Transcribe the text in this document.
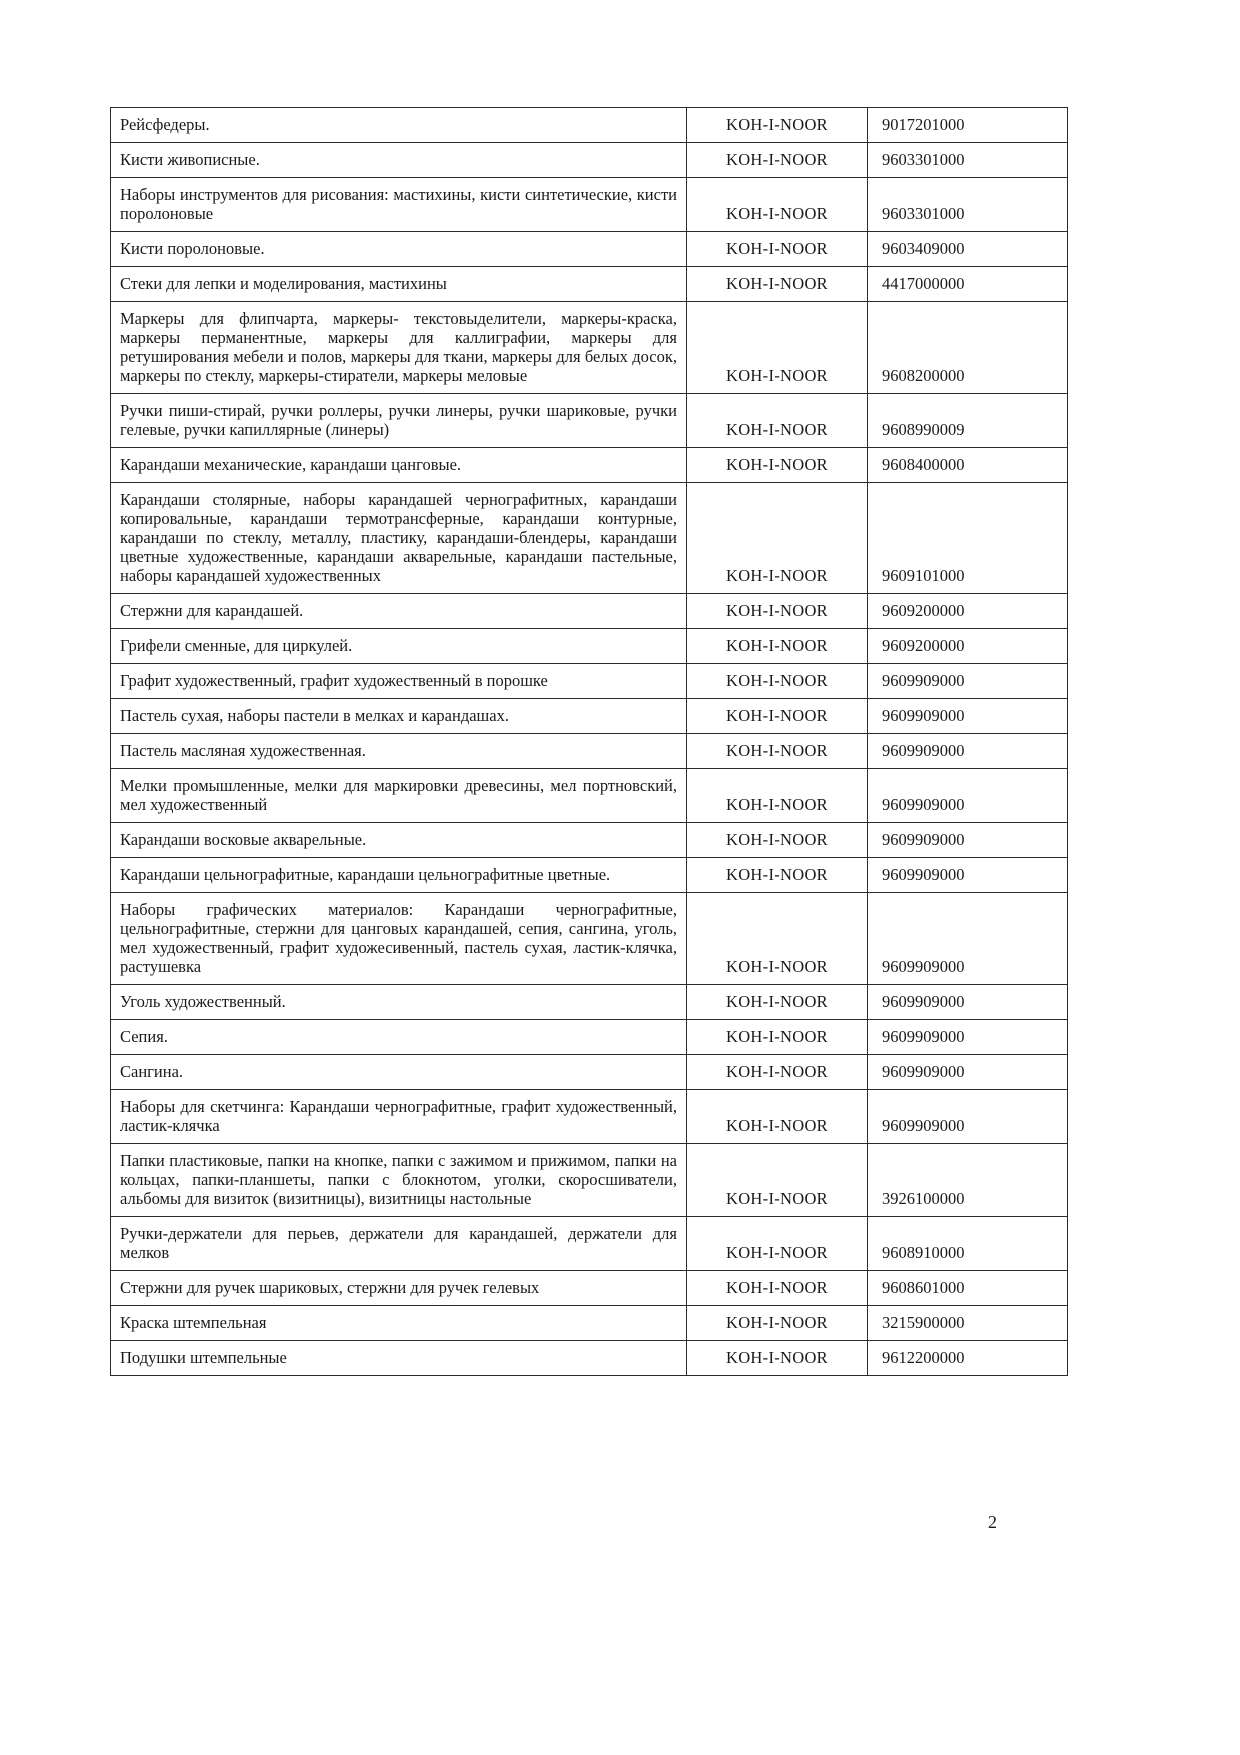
Рейсфедеры.	KOH-I-NOOR	9017201000
Кисти живописные.	KOH-I-NOOR	9603301000
Наборы инструментов для рисования: мастихины, кисти синтетические, кисти поролоновые	KOH-I-NOOR	9603301000
Кисти поролоновые.	KOH-I-NOOR	9603409000
Стеки для лепки и моделирования, мастихины	KOH-I-NOOR	4417000000
Маркеры для флипчарта, маркеры- текстовыделители, маркеры-краска, маркеры перманентные, маркеры для каллиграфии, маркеры для ретуширования мебели и полов, маркеры для ткани, маркеры для белых досок, маркеры по стеклу, маркеры-стиратели, маркеры меловые	KOH-I-NOOR	9608200000
Ручки пиши-стирай, ручки роллеры, ручки линеры, ручки шариковые, ручки гелевые, ручки капиллярные (линеры)	KOH-I-NOOR	9608990009
Карандаши механические, карандаши цанговые.	KOH-I-NOOR	9608400000
Карандаши столярные, наборы карандашей чернографитных, карандаши копировальные, карандаши термотрансферные, карандаши контурные, карандаши по стеклу, металлу, пластику, карандаши-блендеры, карандаши цветные художественные, карандаши акварельные, карандаши пастельные, наборы карандашей художественных	KOH-I-NOOR	9609101000
Стержни для карандашей.	KOH-I-NOOR	9609200000
Грифели сменные, для циркулей.	KOH-I-NOOR	9609200000
Графит художественный, графит художественный в порошке	KOH-I-NOOR	9609909000
Пастель сухая, наборы пастели в мелках и карандашах.	KOH-I-NOOR	9609909000
Пастель масляная художественная.	KOH-I-NOOR	9609909000
Мелки промышленные, мелки для маркировки древесины, мел портновский, мел художественный	KOH-I-NOOR	9609909000
Карандаши восковые акварельные.	KOH-I-NOOR	9609909000
Карандаши цельнографитные, карандаши цельнографитные цветные.	KOH-I-NOOR	9609909000
Наборы графических материалов: Карандаши чернографитные, цельнографитные, стержни для цанговых карандашей, сепия, сангина, уголь, мел художественный, графит художесивенный, пастель сухая, ластик-клячка, растушевка	KOH-I-NOOR	9609909000
Уголь художественный.	KOH-I-NOOR	9609909000
Сепия.	KOH-I-NOOR	9609909000
Сангина.	KOH-I-NOOR	9609909000
Наборы для скетчинга: Карандаши чернографитные, графит художественный, ластик-клячка	KOH-I-NOOR	9609909000
Папки пластиковые, папки на кнопке, папки с зажимом и прижимом, папки на кольцах, папки-планшеты, папки с блокнотом, уголки, скоросшиватели, альбомы для визиток (визитницы), визитницы настольные	KOH-I-NOOR	3926100000
Ручки-держатели для перьев, держатели для карандашей, держатели для мелков	KOH-I-NOOR	9608910000
Стержни для ручек шариковых, стержни для ручек гелевых	KOH-I-NOOR	9608601000
Краска штемпельная	KOH-I-NOOR	3215900000
Подушки штемпельные	KOH-I-NOOR	9612200000
2
